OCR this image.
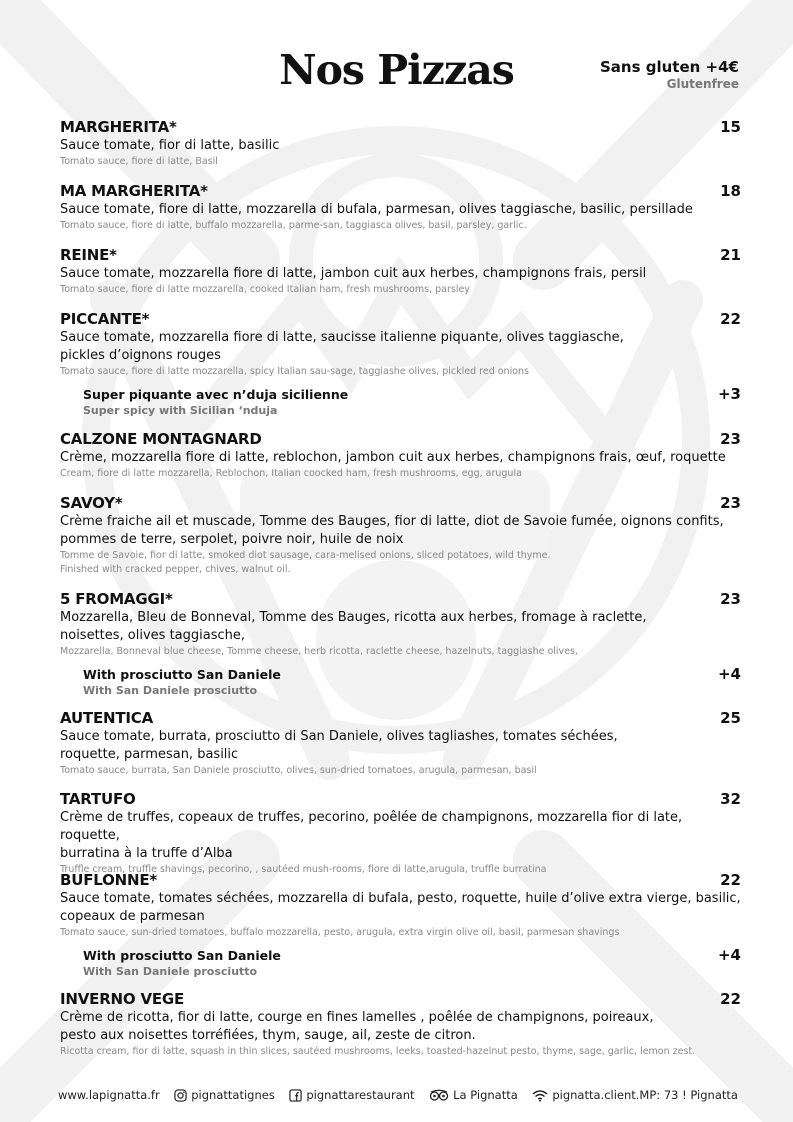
Nos Pizzas	Sans gluten +4€
Glutenfree
MARGHERITA*	15
Sauce tomate, fior di latte, basilic
Tomato sauce, fiore di latte, Basil
MA MARGHERITA*	18
Sauce tomate, fiore di latte, mozzarella di bufala, parmesan, olives taggiasche, basilic, persillade
Tomato sauce, fiore di latte, buffalo mozzarella, parme-san, taggiasca olives, basil, parsley, garlic.
REINE*	21
Sauce tomate, mozzarella fiore di latte, jambon cuit aux herbes, champignons frais, persil
Tomato sauce, fiore di latte mozzarella, cooked Italian ham, fresh mushrooms, parsley
PICCANTE*	22
Sauce tomate, mozzarella fiore di latte, saucisse italienne piquante, olives taggiasche,
pickles d’oignons rouges
Tomato sauce, fiore di latte mozzarella, spicy Italian sau-sage, taggiashe olives, pickled red onions
Super piquante avec n’duja sicilienne	+3
Super spicy with Sicilian ‘nduja
CALZONE MONTAGNARD	23
Crème, mozzarella fiore di latte, reblochon, jambon cuit aux herbes, champignons frais, œuf, roquette
Cream, fiore di latte mozzarella, Reblochon, Italian coocked ham, fresh mushrooms, egg, arugula
SAVOY*	23
Crème fraiche ail et muscade, Tomme des Bauges, fior di latte, diot de Savoie fumée, oignons confits,
pommes de terre, serpolet, poivre noir, huile de noix
Tomme de Savoie, fior di latte, smoked diot sausage, cara-melised onions, sliced potatoes, wild thyme.
Finished with cracked pepper, chives, walnut oil.
5 FROMAGGI*	23
Mozzarella, Bleu de Bonneval, Tomme des Bauges, ricotta aux herbes, fromage à raclette,
noisettes, olives taggiasche,
Mozzarella, Bonneval blue cheese, Tomme cheese, herb ricotta, raclette cheese, hazelnuts, taggiashe olives,
With prosciutto San Daniele	+4
With San Daniele prosciutto
AUTENTICA	25
Sauce tomate, burrata, prosciutto di San Daniele, olives tagliashes, tomates séchées,
roquette, parmesan, basilic
Tomato sauce, burrata, San Daniele prosciutto, olives, sun-dried tomatoes, arugula, parmesan, basil
TARTUFO	32
Crème de truffes, copeaux de truffes, pecorino, poêlée de champignons, mozzarella fior di late, roquette,
burratina à la truffe d’Alba
Truffle cream, truffle shavings, pecorino, , sautéed mush-rooms, fiore di latte,arugula, truffle burratina
BUFLONNE*	22
Sauce tomate, tomates séchées, mozzarella di bufala, pesto, roquette, huile d’olive extra vierge, basilic,
copeaux de parmesan
Tomato sauce, sun-dried tomatoes, buffalo mozzarella, pesto, arugula, extra virgin olive oil, basil, parmesan shavings
With prosciutto San Daniele	+4
With San Daniele prosciutto
INVERNO VEGE	22
Crème de ricotta, fior di latte, courge en fines lamelles , poêlée de champignons, poireaux,
pesto aux noisettes torréfiées, thym, sauge, ail, zeste de citron.
Ricotta cream, fior di latte, squash in thin slices, sautéed mushrooms, leeks, toasted-hazelnut pesto, thyme, sage, garlic, lemon zest.
www.lapignatta.fr	pignattatignes	pignattarestaurant	La Pignatta	pignatta.client.MP: 73 ! Pignatta
